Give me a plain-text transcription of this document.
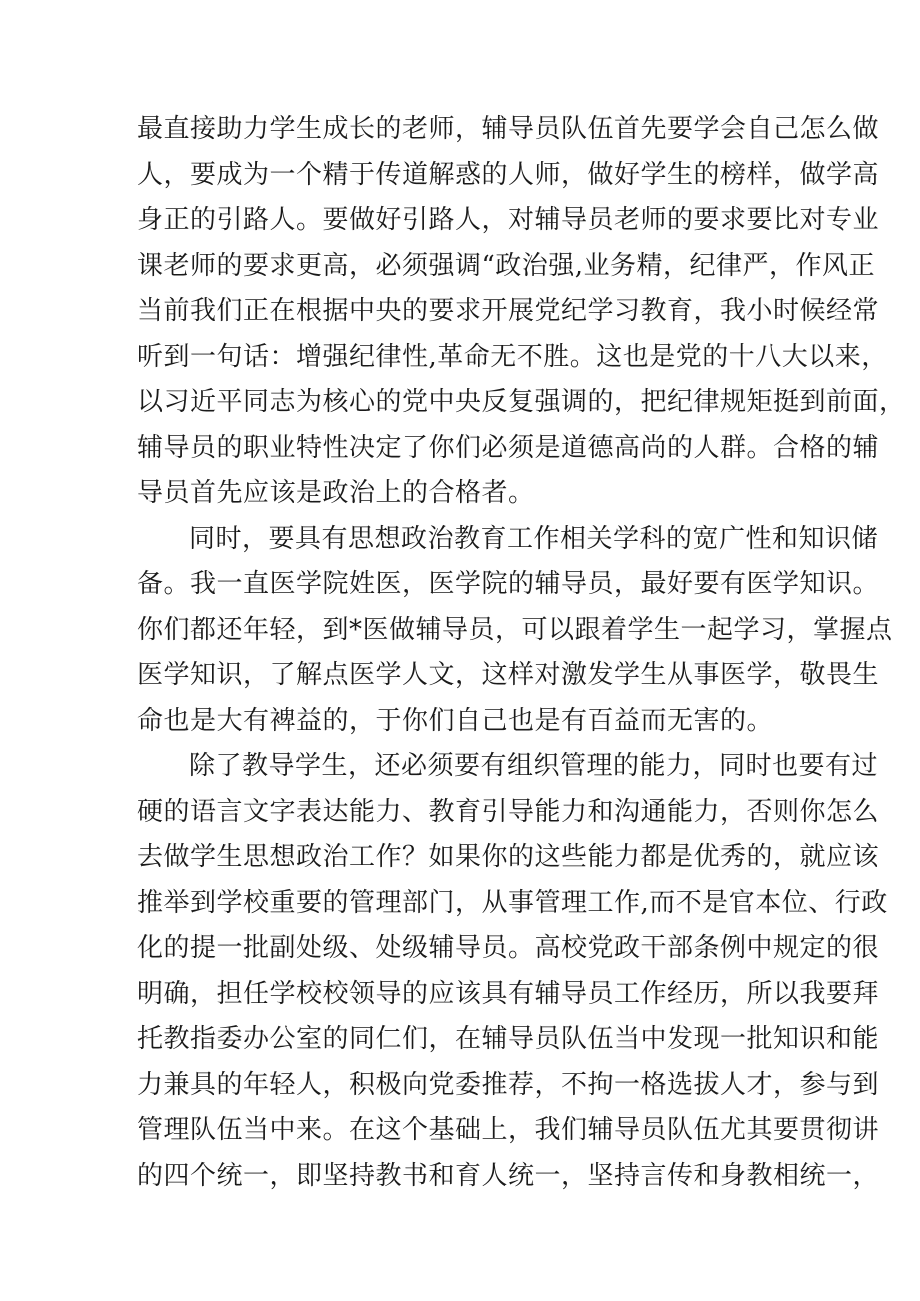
最直接助力学生成长的老师，辅导员队伍首先要学会自己怎么做
人，要成为一个精于传道解惑的人师，做好学生的榜样，做学高
身正的引路人。要做好引路人，对辅导员老师的要求要比对专业
课老师的要求更高，必须强调“政治强,业务精，纪律严，作风正
当前我们正在根据中央的要求开展党纪学习教育，我小时候经常
听到一句话：增强纪律性,革命无不胜。这也是党的十八大以来，
以习近平同志为核心的党中央反复强调的，把纪律规矩挺到前面，
辅导员的职业特性决定了你们必须是道德高尚的人群。合格的辅
导员首先应该是政治上的合格者。
同时，要具有思想政治教育工作相关学科的宽广性和知识储
备。我一直医学院姓医，医学院的辅导员，最好要有医学知识。
你们都还年轻，到*医做辅导员，可以跟着学生一起学习，掌握点
医学知识，了解点医学人文，这样对激发学生从事医学，敬畏生
命也是大有裨益的，于你们自己也是有百益而无害的。
除了教导学生，还必须要有组织管理的能力，同时也要有过
硬的语言文字表达能力、教育引导能力和沟通能力，否则你怎么
去做学生思想政治工作？如果你的这些能力都是优秀的，就应该
推举到学校重要的管理部门，从事管理工作,而不是官本位、行政
化的提一批副处级、处级辅导员。高校党政干部条例中规定的很
明确，担任学校校领导的应该具有辅导员工作经历，所以我要拜
托教指委办公室的同仁们，在辅导员队伍当中发现一批知识和能
力兼具的年轻人，积极向党委推荐，不拘一格选拔人才，参与到
管理队伍当中来。在这个基础上，我们辅导员队伍尤其要贯彻讲
的四个统一，即坚持教书和育人统一，坚持言传和身教相统一，
